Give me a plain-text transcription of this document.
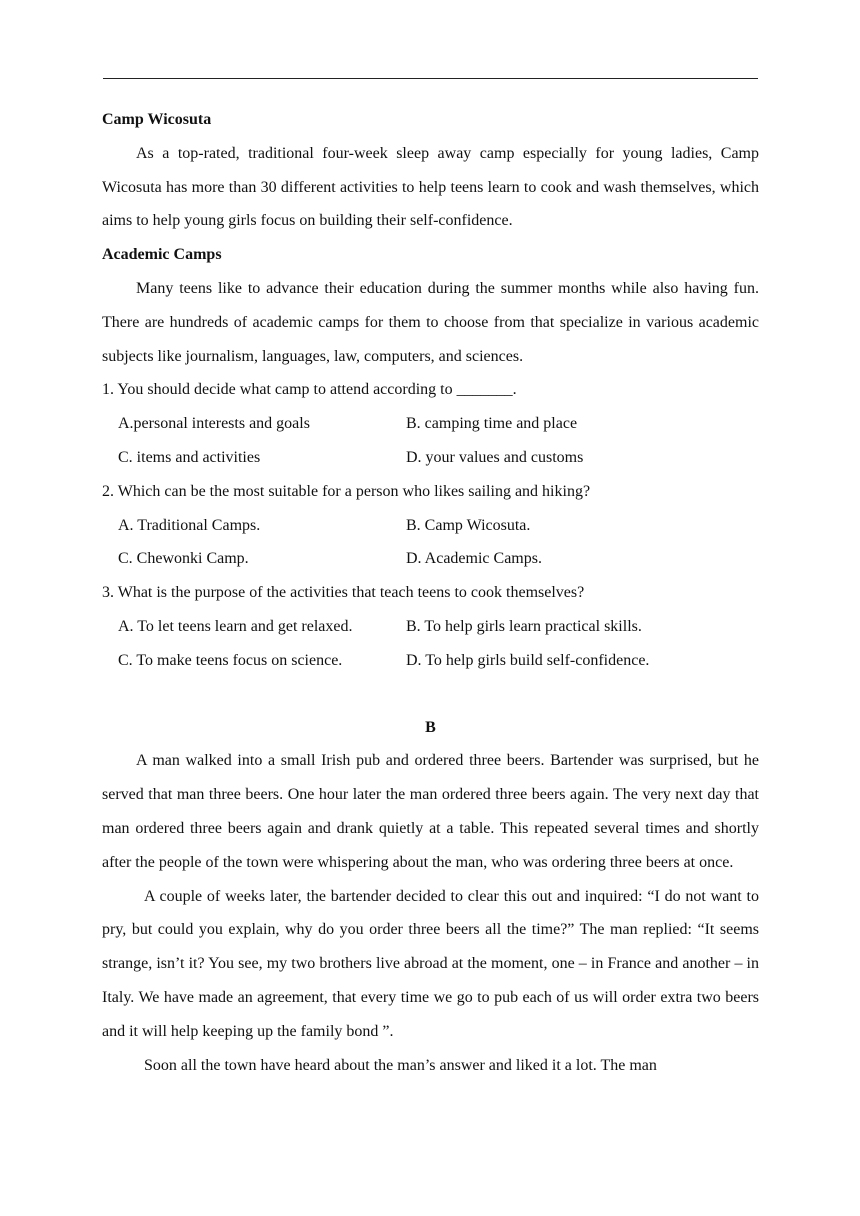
Camp Wicosuta

As a top-rated, traditional four-week sleep away camp especially for young ladies, Camp Wicosuta has more than 30 different activities to help teens learn to cook and wash themselves, which aims to help young girls focus on building their self-confidence.

Academic Camps

Many teens like to advance their education during the summer months while also having fun. There are hundreds of academic camps for them to choose from that specialize in various academic subjects like journalism, languages, law, computers, and sciences.

1. You should decide what camp to attend according to _______.

A.personal interests and goals	B. camping time and place
C. items and activities	D. your values and customs

2. Which can be the most suitable for a person who likes sailing and hiking?

A. Traditional Camps.	B. Camp Wicosuta.
C. Chewonki Camp.	D. Academic Camps.

3. What is the purpose of the activities that teach teens to cook themselves?

A. To let teens learn and get relaxed.	B. To help girls learn practical skills.
C. To make teens focus on science.	D. To help girls build self-confidence.

B

A man walked into a small Irish pub and ordered three beers. Bartender was surprised, but he served that man three beers. One hour later the man ordered three beers again. The very next day that man ordered three beers again and drank quietly at a table. This repeated several times and shortly after the people of the town were whispering about the man, who was ordering three beers at once.

A couple of weeks later, the bartender decided to clear this out and inquired: “I do not want to pry, but could you explain, why do you order three beers all the time?” The man replied: “It seems strange, isn’t it? You see, my two brothers live abroad at the moment, one – in France and another – in Italy. We have made an agreement, that every time we go to pub each of us will order extra two beers and it will help keeping up the family bond ”.

Soon all the town have heard about the man’s answer and liked it a lot. The man
